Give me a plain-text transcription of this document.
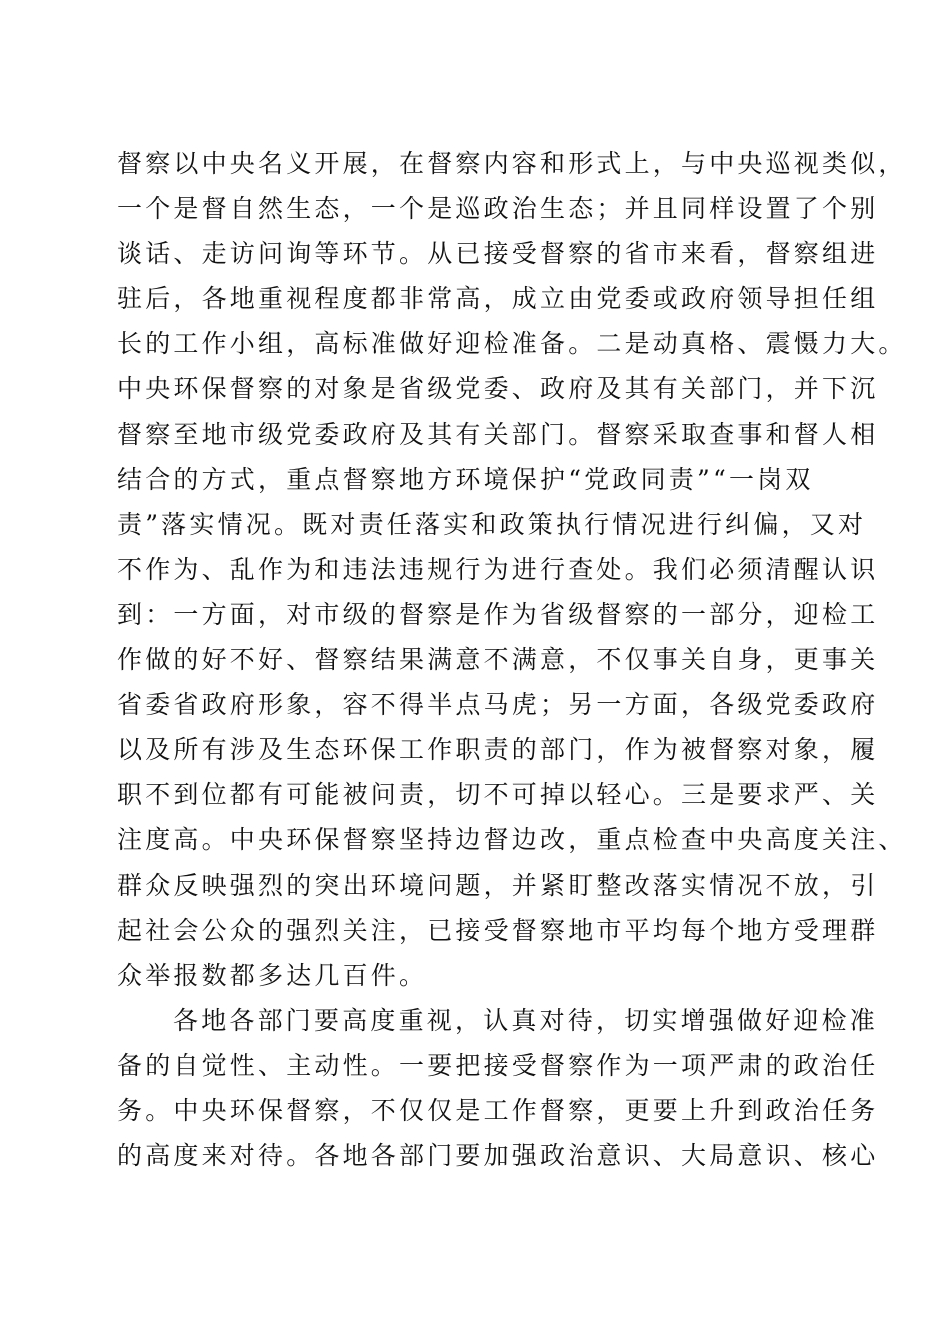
督察以中央名义开展，在督察内容和形式上，与中央巡视类似，
一个是督自然生态，一个是巡政治生态；并且同样设置了个别
谈话、走访问询等环节。从已接受督察的省市来看，督察组进
驻后，各地重视程度都非常高，成立由党委或政府领导担任组
长的工作小组，高标准做好迎检准备。二是动真格、震慑力大。
中央环保督察的对象是省级党委、政府及其有关部门，并下沉
督察至地市级党委政府及其有关部门。督察采取查事和督人相
结合的方式，重点督察地方环境保护“党政同责”“一岗双
责”落实情况。既对责任落实和政策执行情况进行纠偏，又对
不作为、乱作为和违法违规行为进行查处。我们必须清醒认识
到：一方面，对市级的督察是作为省级督察的一部分，迎检工
作做的好不好、督察结果满意不满意，不仅事关自身，更事关
省委省政府形象，容不得半点马虎；另一方面，各级党委政府
以及所有涉及生态环保工作职责的部门，作为被督察对象，履
职不到位都有可能被问责，切不可掉以轻心。三是要求严、关
注度高。中央环保督察坚持边督边改，重点检查中央高度关注、
群众反映强烈的突出环境问题，并紧盯整改落实情况不放，引
起社会公众的强烈关注，已接受督察地市平均每个地方受理群
众举报数都多达几百件。
各地各部门要高度重视，认真对待，切实增强做好迎检准
备的自觉性、主动性。一要把接受督察作为一项严肃的政治任
务。中央环保督察，不仅仅是工作督察，更要上升到政治任务
的高度来对待。各地各部门要加强政治意识、大局意识、核心
